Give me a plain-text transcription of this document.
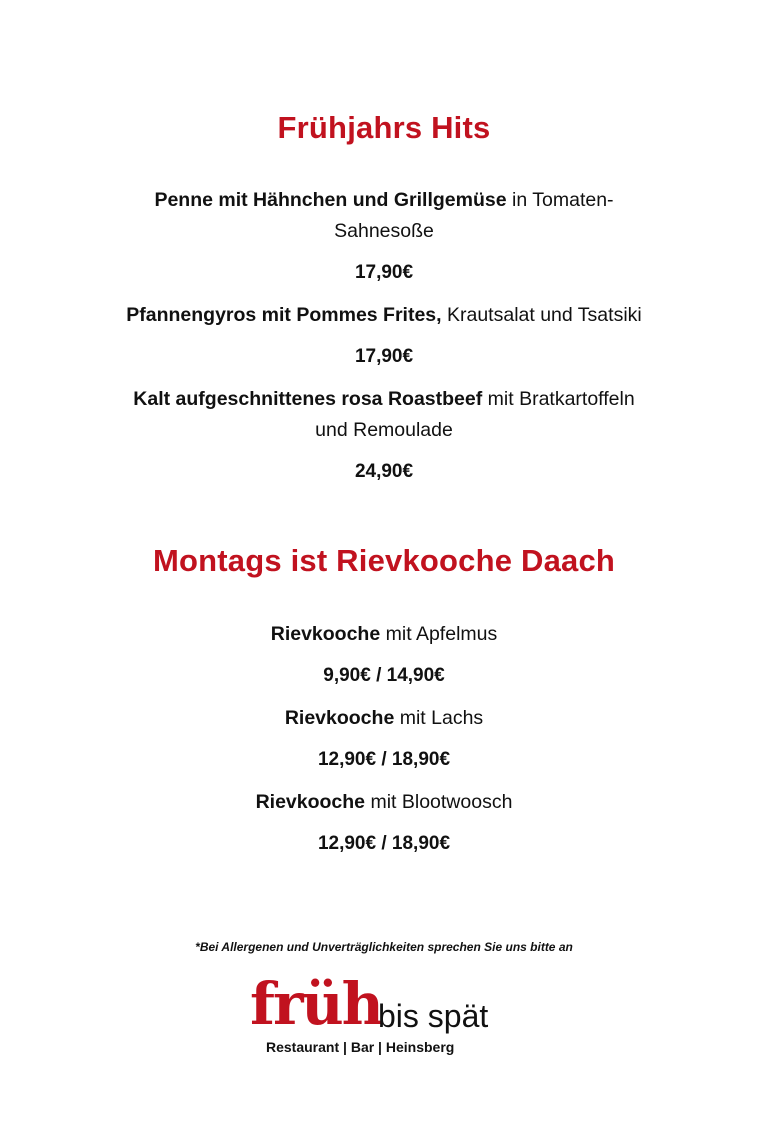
Frühjahrs Hits

Penne mit Hähnchen und Grillgemüse in Tomaten-

Sahnesoße

17,90€

Pfannengyros mit Pommes Frites, Krautsalat und Tsatsiki

17,90€

Kalt aufgeschnittenes rosa Roastbeef mit Bratkartoffeln

und Remoulade

24,90€

Montags ist Rievkooche Daach

Rievkooche mit Apfelmus

9,90€ / 14,90€

Rievkooche mit Lachs

12,90€ / 18,90€

Rievkooche mit Blootwoosch

12,90€ / 18,90€

*Bei Allergenen und Unverträglichkeiten sprechen Sie uns bitte an

früh
bis spät
Restaurant | Bar | Heinsberg
